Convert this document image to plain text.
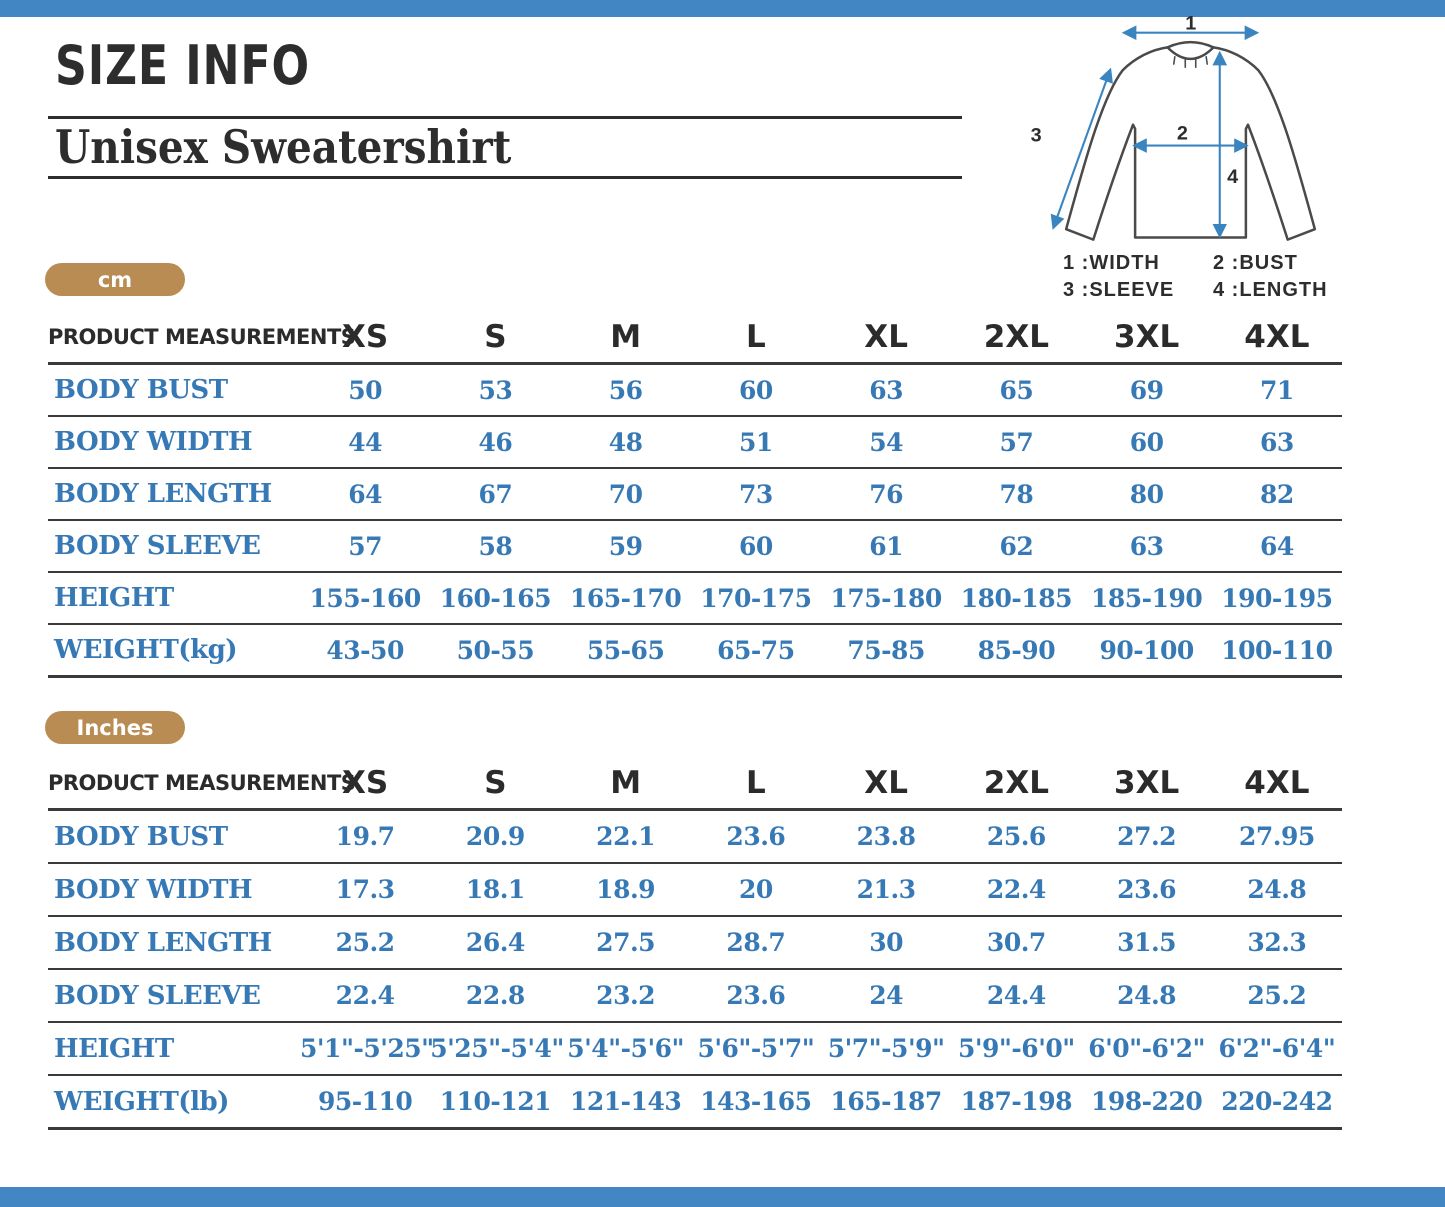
SIZE INFO
Unisex Sweatershirt
1
2
3
4
1 :WIDTH	2 :BUST
3 :SLEEVE	4 :LENGTH
cm
PRODUCT MEASUREMENTS	XS	S	M	L	XL	2XL	3XL	4XL
BODY BUST	50	53	56	60	63	65	69	71
BODY WIDTH	44	46	48	51	54	57	60	63
BODY LENGTH	64	67	70	73	76	78	80	82
BODY SLEEVE	57	58	59	60	61	62	63	64
HEIGHT	155-160	160-165	165-170	170-175	175-180	180-185	185-190	190-195
WEIGHT(kg)	43-50	50-55	55-65	65-75	75-85	85-90	90-100	100-110
Inches
PRODUCT MEASUREMENTS	XS	S	M	L	XL	2XL	3XL	4XL
BODY BUST	19.7	20.9	22.1	23.6	23.8	25.6	27.2	27.95
BODY WIDTH	17.3	18.1	18.9	20	21.3	22.4	23.6	24.8
BODY LENGTH	25.2	26.4	27.5	28.7	30	30.7	31.5	32.3
BODY SLEEVE	22.4	22.8	23.2	23.6	24	24.4	24.8	25.2
HEIGHT	5'1"-5'25"	5'25"-5'4"	5'4"-5'6"	5'6"-5'7"	5'7"-5'9"	5'9"-6'0"	6'0"-6'2"	6'2"-6'4"
WEIGHT(lb)	95-110	110-121	121-143	143-165	165-187	187-198	198-220	220-242
